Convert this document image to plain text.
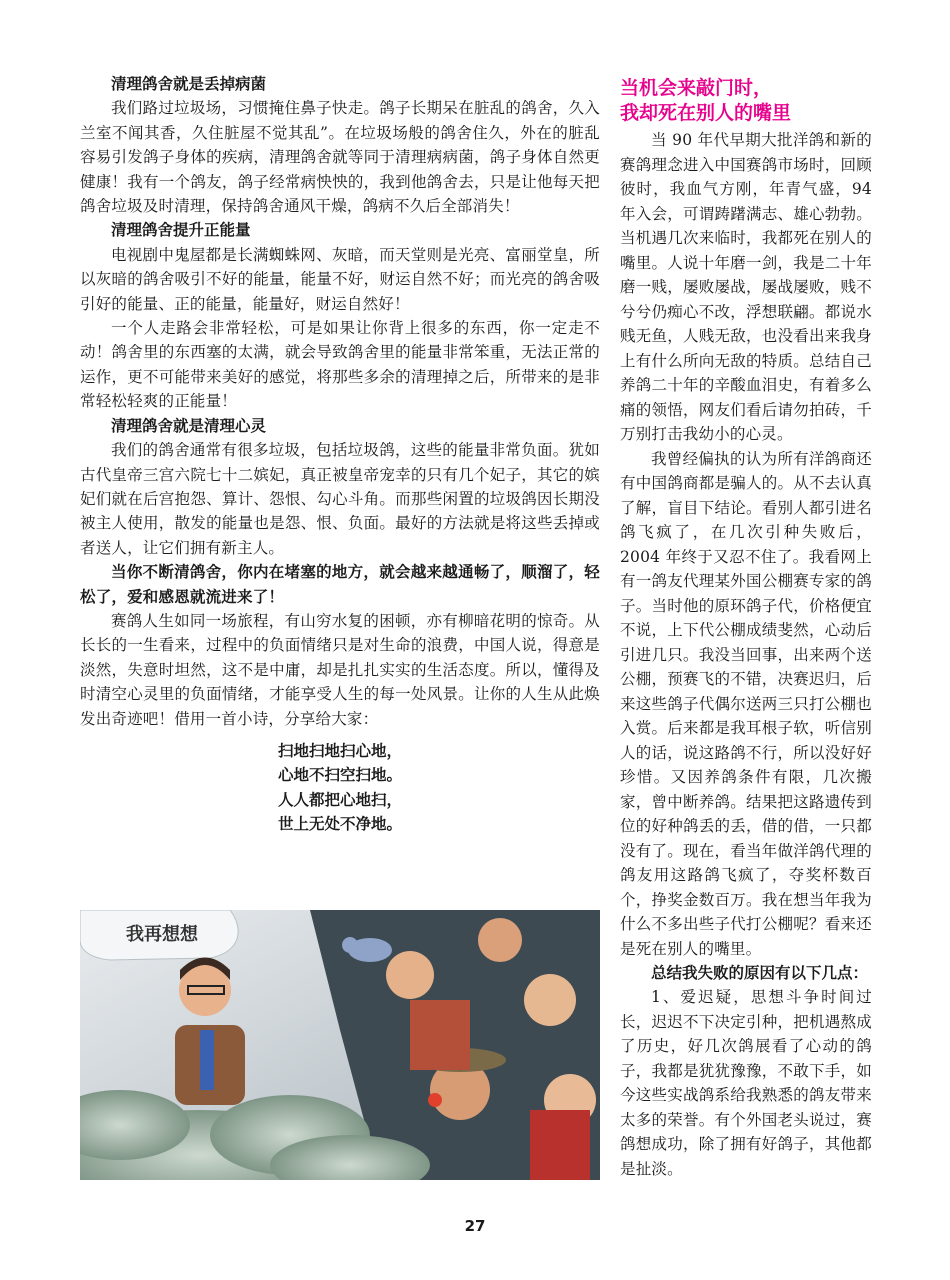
清理鸽舍就是丢掉病菌

我们路过垃圾场，习惯掩住鼻子快走。鸽子长期呆在脏乱的鸽舍，久入兰室不闻其香，久住脏屋不觉其乱”。在垃圾场般的鸽舍住久，外在的脏乱容易引发鸽子身体的疾病，清理鸽舍就等同于清理病病菌，鸽子身体自然更健康！我有一个鸽友，鸽子经常病怏怏的，我到他鸽舍去，只是让他每天把鸽舍垃圾及时清理，保持鸽舍通风干燥，鸽病不久后全部消失！

清理鸽舍提升正能量

电视剧中鬼屋都是长满蜘蛛网、灰暗，而天堂则是光亮、富丽堂皇，所以灰暗的鸽舍吸引不好的能量，能量不好，财运自然不好；而光亮的鸽舍吸引好的能量、正的能量，能量好，财运自然好！

一个人走路会非常轻松，可是如果让你背上很多的东西，你一定走不动！鸽舍里的东西塞的太满，就会导致鸽舍里的能量非常笨重，无法正常的运作，更不可能带来美好的感觉，将那些多余的清理掉之后，所带来的是非常轻松轻爽的正能量！

清理鸽舍就是清理心灵

我们的鸽舍通常有很多垃圾，包括垃圾鸽，这些的能量非常负面。犹如古代皇帝三宫六院七十二嫔妃，真正被皇帝宠幸的只有几个妃子，其它的嫔妃们就在后宫抱怨、算计、怨恨、勾心斗角。而那些闲置的垃圾鸽因长期没被主人使用，散发的能量也是怨、恨、负面。最好的方法就是将这些丢掉或者送人，让它们拥有新主人。

当你不断清鸽舍，你内在堵塞的地方，就会越来越通畅了，顺溜了，轻松了，爱和感恩就流进来了！

赛鸽人生如同一场旅程，有山穷水复的困顿，亦有柳暗花明的惊奇。从长长的一生看来，过程中的负面情绪只是对生命的浪费，中国人说，得意是淡然，失意时坦然，这不是中庸，却是扎扎实实的生活态度。所以，懂得及时清空心灵里的负面情绪，才能享受人生的每一处风景。让你的人生从此焕发出奇迹吧！借用一首小诗，分享给大家：

扫地扫地扫心地，
心地不扫空扫地。
人人都把心地扫，
世上无处不净地。
我再想想
当机会来敲门时，
我却死在别人的嘴里

当 90 年代早期大批洋鸽和新的赛鸽理念进入中国赛鸽市场时，回顾彼时，我血气方刚，年青气盛，94 年入会，可谓踌躇满志、雄心勃勃。当机遇几次来临时，我都死在别人的嘴里。人说十年磨一剑，我是二十年磨一贱，屡败屡战，屡战屡败，贱不兮兮仍痴心不改，浮想联翩。都说水贱无鱼，人贱无敌，也没看出来我身上有什么所向无敌的特质。总结自己养鸽二十年的辛酸血泪史，有着多么痛的领悟，网友们看后请勿拍砖，千万别打击我幼小的心灵。

我曾经偏执的认为所有洋鸽商还有中国鸽商都是骗人的。从不去认真了解，盲目下结论。看别人都引进名鸽飞疯了，在几次引种失败后，2004 年终于又忍不住了。我看网上有一鸽友代理某外国公棚赛专家的鸽子。当时他的原环鸽子代，价格便宜不说，上下代公棚成绩斐然，心动后引进几只。我没当回事，出来两个送公棚，预赛飞的不错，决赛迟归，后来这些鸽子代偶尔送两三只打公棚也入赏。后来都是我耳根子软，听信别人的话，说这路鸽不行，所以没好好珍惜。又因养鸽条件有限，几次搬家，曾中断养鸽。结果把这路遗传到位的好种鸽丢的丢，借的借，一只都没有了。现在，看当年做洋鸽代理的鸽友用这路鸽飞疯了，夺奖杯数百个，挣奖金数百万。我在想当年我为什么不多出些子代打公棚呢？看来还是死在别人的嘴里。

总结我失败的原因有以下几点：

1、爱迟疑，思想斗争时间过长，迟迟不下决定引种，把机遇熬成了历史，好几次鸽展看了心动的鸽子，我都是犹犹豫豫，不敢下手，如今这些实战鸽系给我熟悉的鸽友带来太多的荣誉。有个外国老头说过，赛鸽想成功，除了拥有好鸽子，其他都是扯淡。

27
